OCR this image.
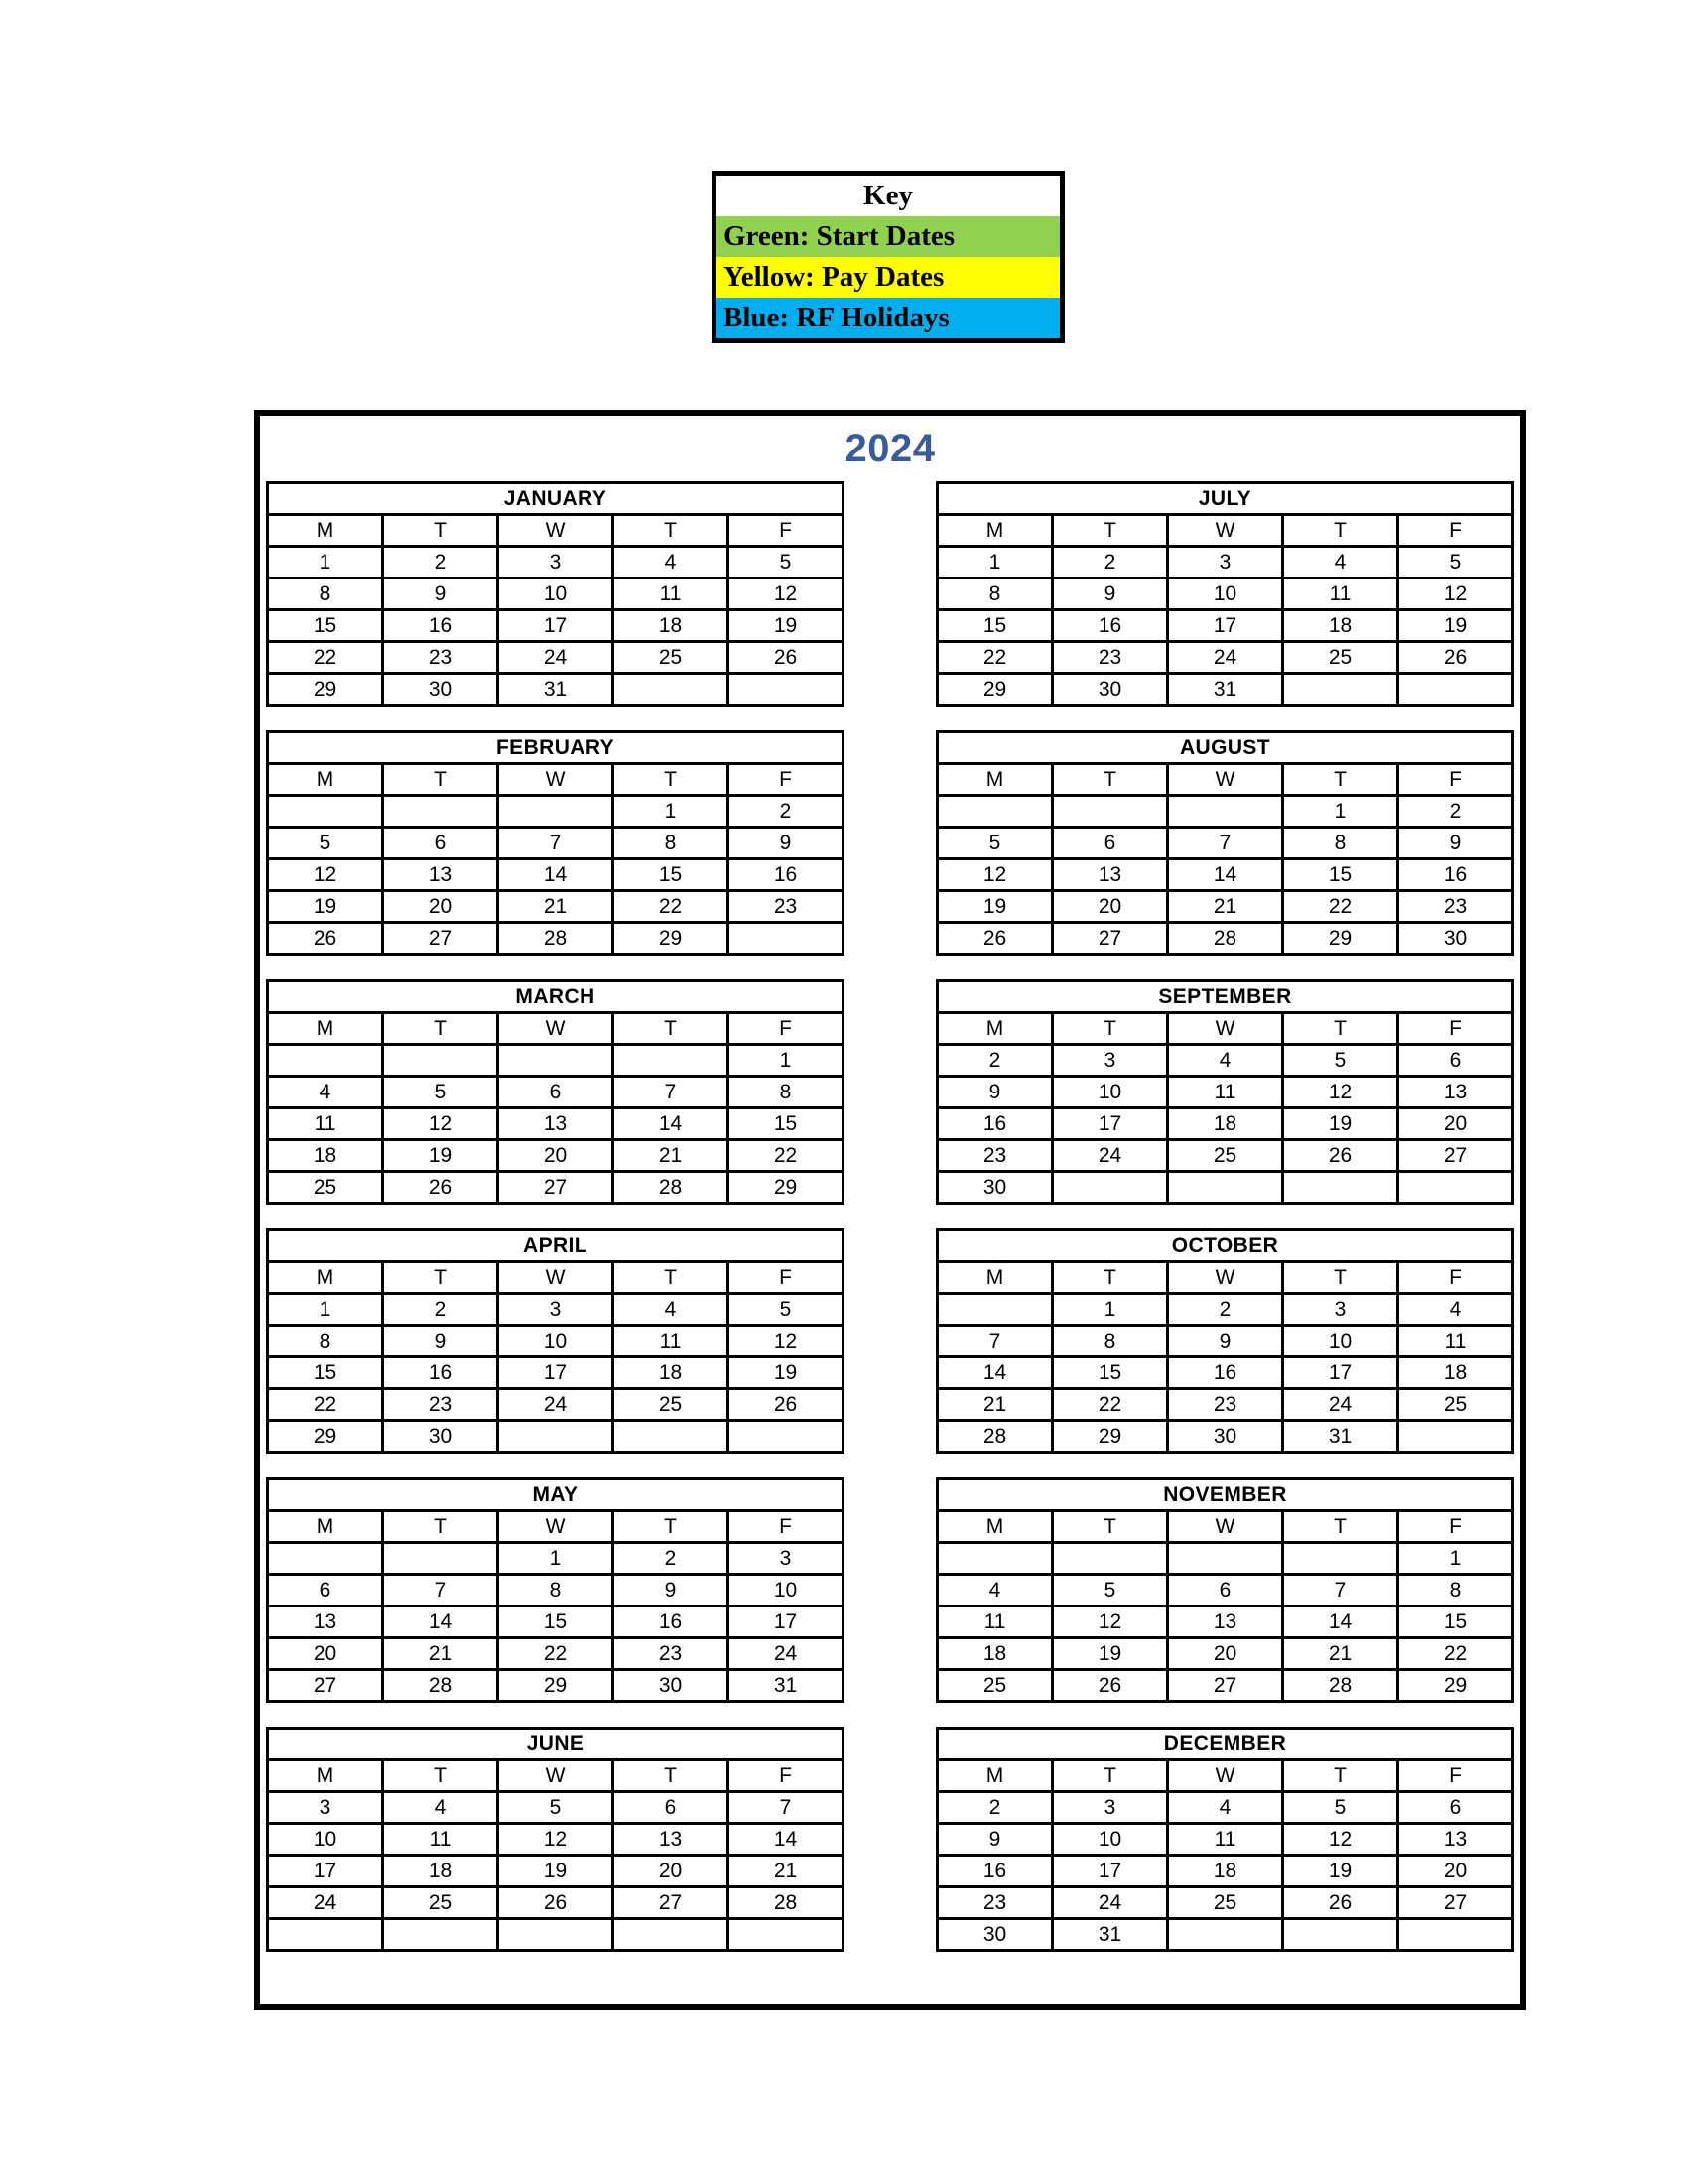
Key
Green: Start Dates
Yellow: Pay Dates
Blue: RF Holidays
2024
JANUARY				
M	T	W	T	F
1	2	3	4	5
8	9	10	11	12
15	16	17	18	19
22	23	24	25	26
29	30	31		
FEBRUARY				
M	T	W	T	F
			1	2
5	6	7	8	9
12	13	14	15	16
19	20	21	22	23
26	27	28	29	
MARCH				
M	T	W	T	F
				1
4	5	6	7	8
11	12	13	14	15
18	19	20	21	22
25	26	27	28	29
APRIL				
M	T	W	T	F
1	2	3	4	5
8	9	10	11	12
15	16	17	18	19
22	23	24	25	26
29	30			
MAY				
M	T	W	T	F
		1	2	3
6	7	8	9	10
13	14	15	16	17
20	21	22	23	24
27	28	29	30	31
JUNE				
M	T	W	T	F
3	4	5	6	7
10	11	12	13	14
17	18	19	20	21
24	25	26	27	28

JULY				
M	T	W	T	F
1	2	3	4	5
8	9	10	11	12
15	16	17	18	19
22	23	24	25	26
29	30	31		
AUGUST				
M	T	W	T	F
			1	2
5	6	7	8	9
12	13	14	15	16
19	20	21	22	23
26	27	28	29	30
SEPTEMBER				
M	T	W	T	F
2	3	4	5	6
9	10	11	12	13
16	17	18	19	20
23	24	25	26	27
30				
OCTOBER				
M	T	W	T	F
	1	2	3	4
7	8	9	10	11
14	15	16	17	18
21	22	23	24	25
28	29	30	31	
NOVEMBER				
M	T	W	T	F
				1
4	5	6	7	8
11	12	13	14	15
18	19	20	21	22
25	26	27	28	29
DECEMBER				
M	T	W	T	F
2	3	4	5	6
9	10	11	12	13
16	17	18	19	20
23	24	25	26	27
30	31			
